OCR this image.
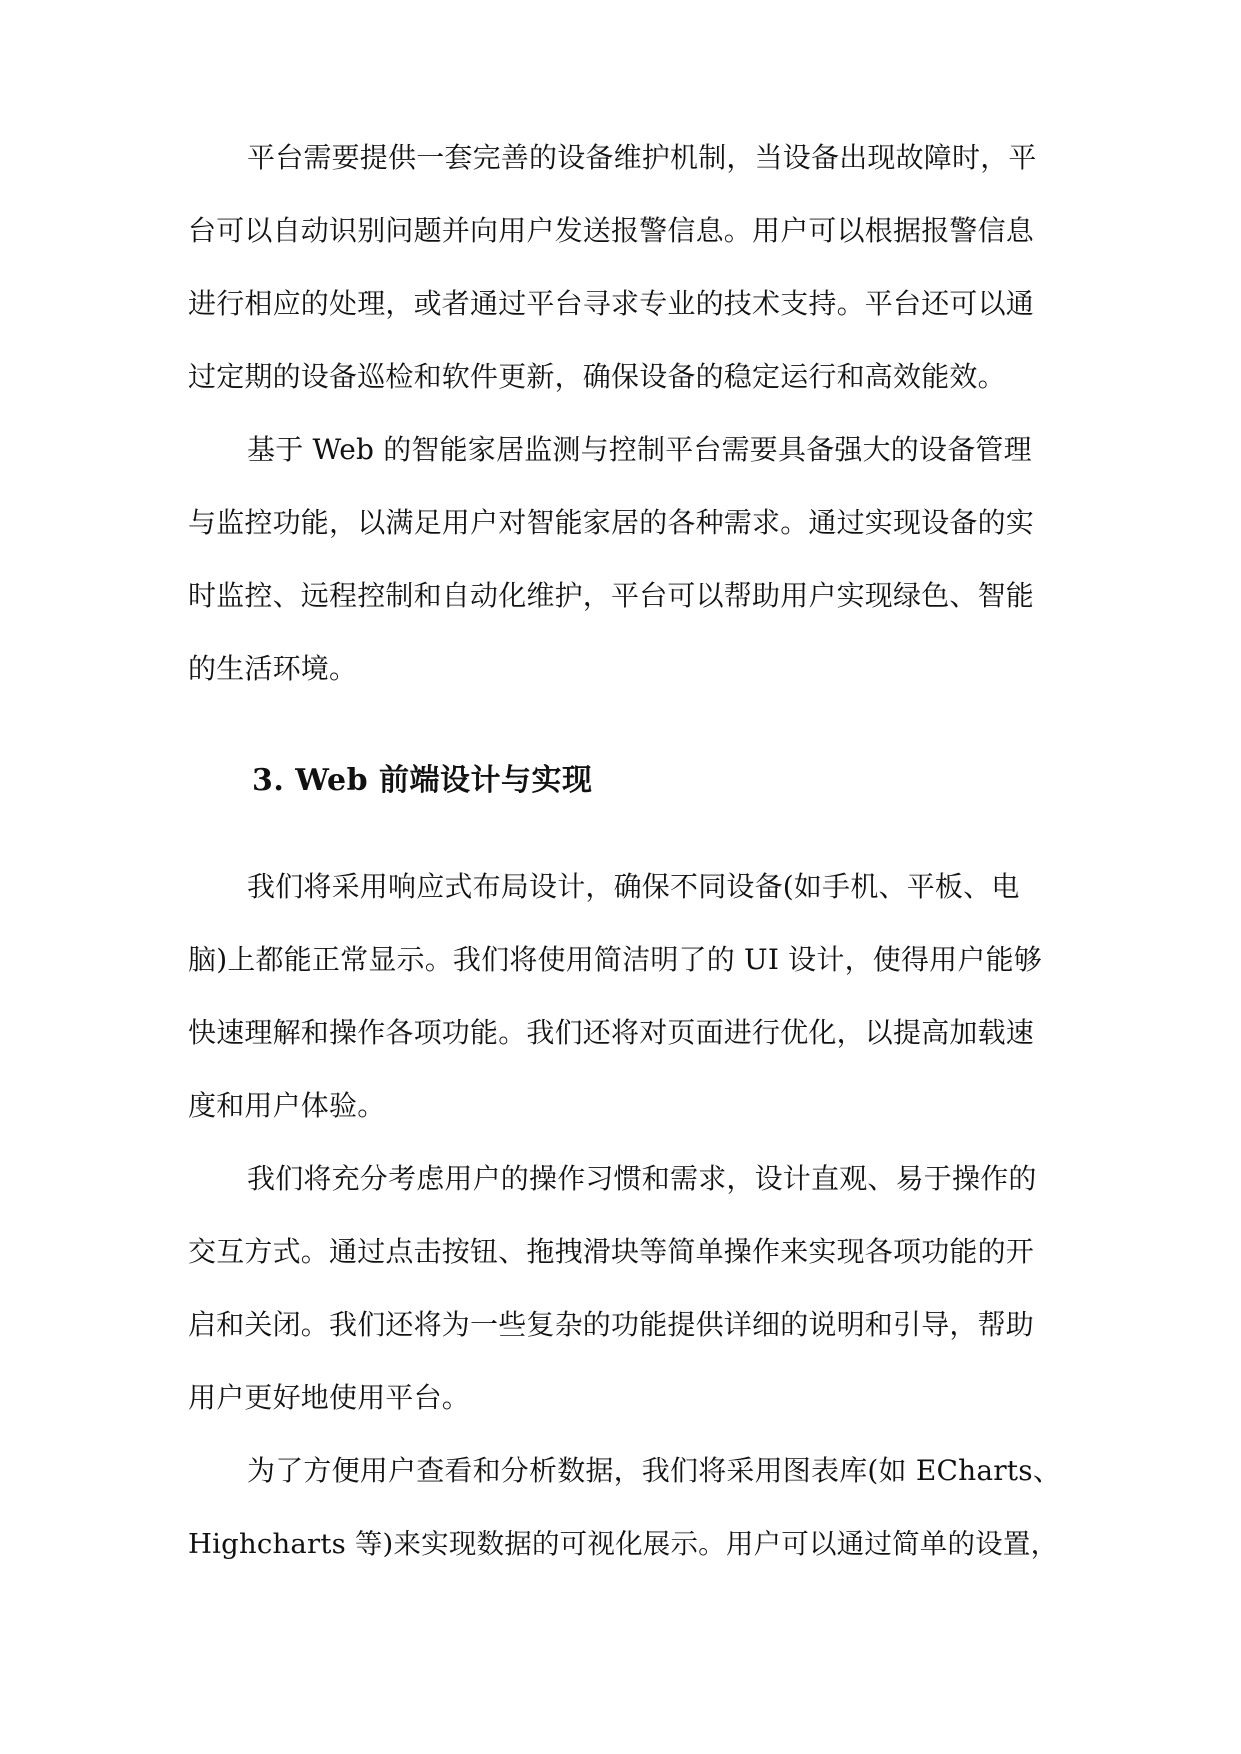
平台需要提供一套完善的设备维护机制，当设备出现故障时，平
台可以自动识别问题并向用户发送报警信息。用户可以根据报警信息
进行相应的处理，或者通过平台寻求专业的技术支持。平台还可以通
过定期的设备巡检和软件更新，确保设备的稳定运行和高效能效。
基于 Web 的智能家居监测与控制平台需要具备强大的设备管理
与监控功能，以满足用户对智能家居的各种需求。通过实现设备的实
时监控、远程控制和自动化维护，平台可以帮助用户实现绿色、智能
的生活环境。
3. Web 前端设计与实现
我们将采用响应式布局设计，确保不同设备(如手机、平板、电
脑)上都能正常显示。我们将使用简洁明了的 UI 设计，使得用户能够
快速理解和操作各项功能。我们还将对页面进行优化，以提高加载速
度和用户体验。
我们将充分考虑用户的操作习惯和需求，设计直观、易于操作的
交互方式。通过点击按钮、拖拽滑块等简单操作来实现各项功能的开
启和关闭。我们还将为一些复杂的功能提供详细的说明和引导，帮助
用户更好地使用平台。
为了方便用户查看和分析数据，我们将采用图表库(如 ECharts、
Highcharts 等)来实现数据的可视化展示。用户可以通过简单的设置，
